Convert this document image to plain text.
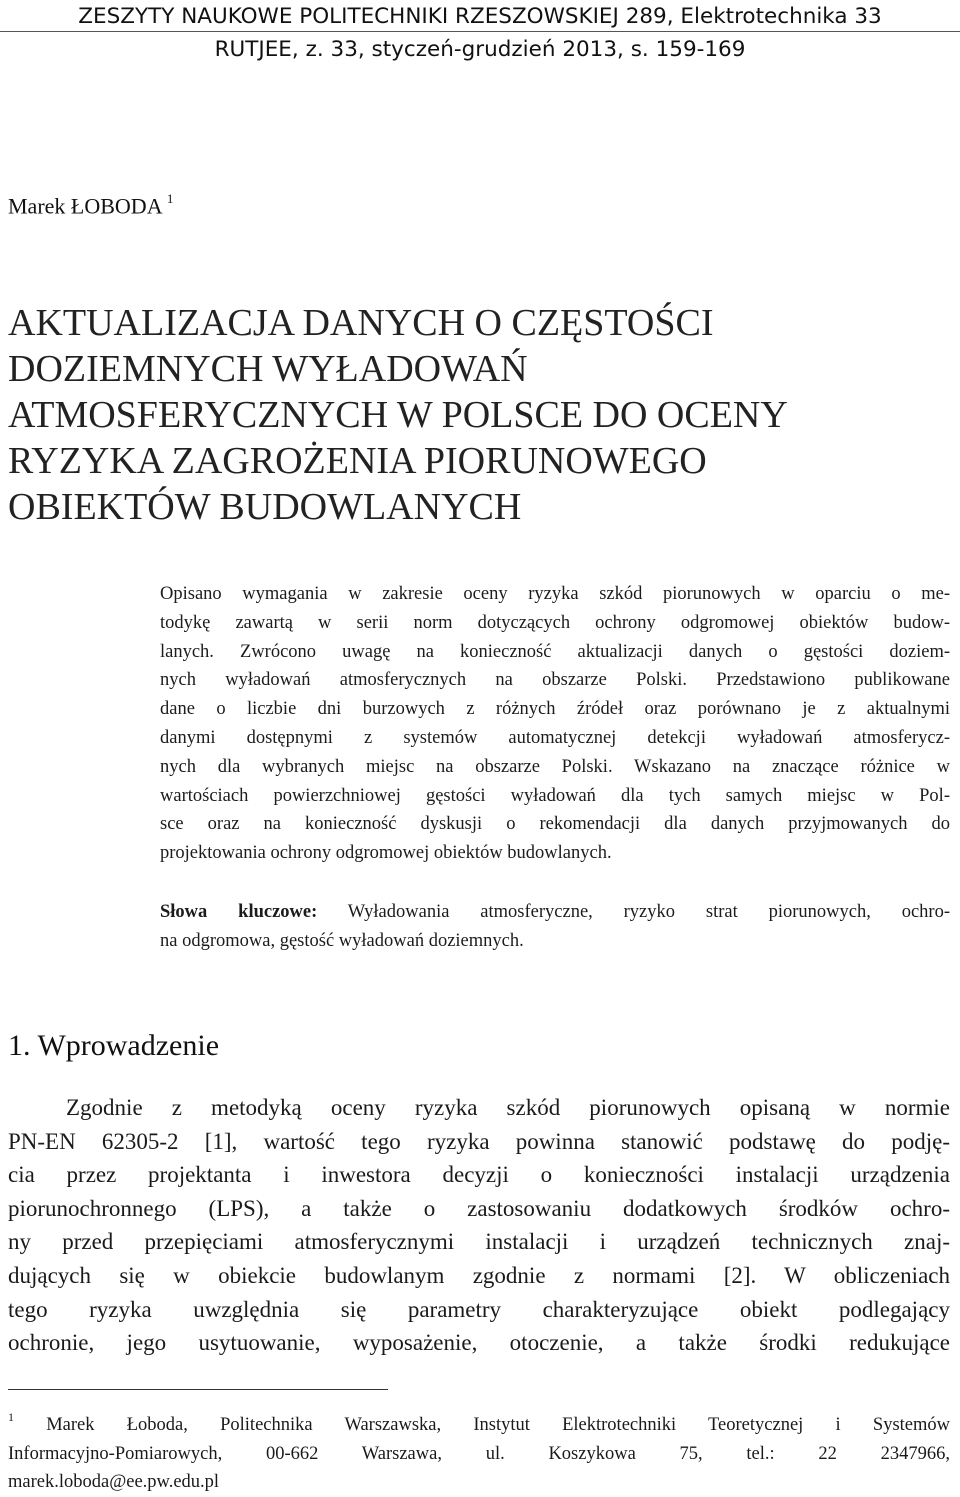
ZESZYTY NAUKOWE POLITECHNIKI RZESZOWSKIEJ 289, Elektrotechnika 33
RUTJEE, z. 33, styczeń-grudzień 2013, s. 159-169
Marek ŁOBODA $^1$
AKTUALIZACJA DANYCH O CZĘSTOŚCI
DOZIEMNYCH WYŁADOWAŃ
ATMOSFERYCZNYCH W POLSCE DO OCENY
RYZYKA ZAGROŻENIA PIORUNOWEGO
OBIEKTÓW BUDOWLANYCH
Opisano wymagania w zakresie oceny ryzyka szkód piorunowych w oparciu o me-
todykę zawartą w serii norm dotyczących ochrony odgromowej obiektów budow-
lanych. Zwrócono uwagę na konieczność aktualizacji danych o gęstości doziem-
nych wyładowań atmosferycznych na obszarze Polski. Przedstawiono publikowane
dane o liczbie dni burzowych z różnych źródeł oraz porównano je z aktualnymi
danymi dostępnymi z systemów automatycznej detekcji wyładowań atmosferycz-
nych dla wybranych miejsc na obszarze Polski. Wskazano na znaczące różnice w
wartościach powierzchniowej gęstości wyładowań dla tych samych miejsc w Pol-
sce oraz na konieczność dyskusji o rekomendacji dla danych przyjmowanych do
projektowania ochrony odgromowej obiektów budowlanych.
Słowa kluczowe: Wyładowania atmosferyczne, ryzyko strat piorunowych, ochro-
na odgromowa, gęstość wyładowań doziemnych.
1. Wprowadzenie
Zgodnie z metodyką oceny ryzyka szkód piorunowych opisaną w normie
PN-EN 62305-2 [1], wartość tego ryzyka powinna stanowić podstawę do podję-
cia przez projektanta i inwestora decyzji o konieczności instalacji urządzenia
piorunochronnego (LPS), a także o zastosowaniu dodatkowych środków ochro-
ny przed przepięciami atmosferycznymi instalacji i urządzeń technicznych znaj-
dujących się w obiekcie budowlanym zgodnie z normami [2]. W obliczeniach
tego ryzyka uwzględnia się parametry charakteryzujące obiekt podlegający
ochronie, jego usytuowanie, wyposażenie, otoczenie, a także środki redukujące
$^1$ Marek Łoboda, Politechnika Warszawska, Instytut Elektrotechniki Teoretycznej i Systemów
Informacyjno-Pomiarowych, 00-662 Warszawa, ul. Koszykowa 75, tel.: 22 2347966,
marek.loboda@ee.pw.edu.pl
